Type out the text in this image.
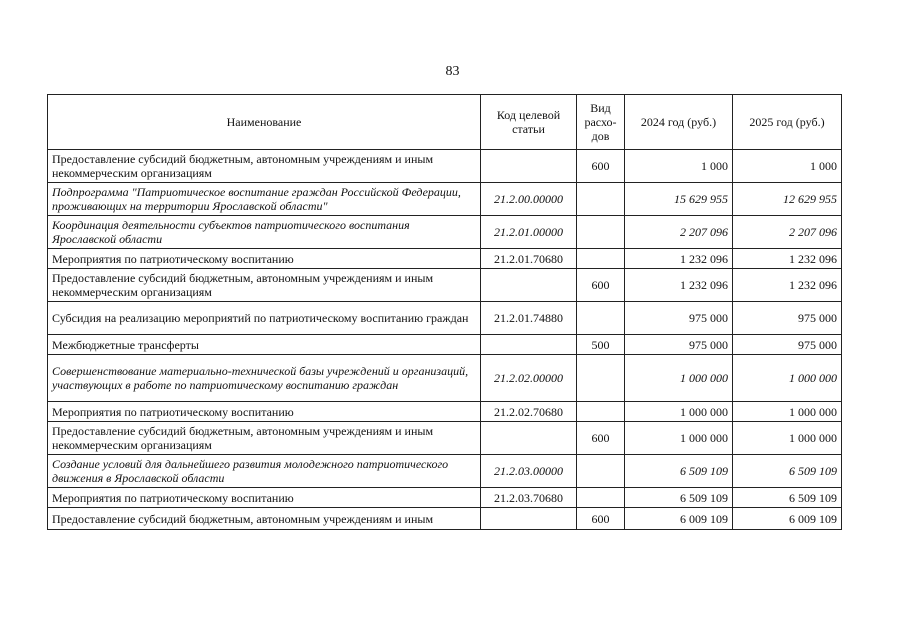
83
Наименование	Код целевой статьи	Вид расхо- дов	2024 год (руб.)	2025 год (руб.)
Предоставление субсидий бюджетным, автономным учреждениям и иным некоммерческим организациям		600	1 000	1 000
Подпрограмма "Патриотическое воспитание граждан Российской Федерации, проживающих на территории Ярославской области"	21.2.00.00000		15 629 955	12 629 955
Координация деятельности субъектов патриотического воспитания Ярославской области	21.2.01.00000		2 207 096	2 207 096
Мероприятия по патриотическому воспитанию	21.2.01.70680		1 232 096	1 232 096
Предоставление субсидий бюджетным, автономным учреждениям и иным некоммерческим организациям		600	1 232 096	1 232 096
Субсидия на реализацию мероприятий по патриотическому воспитанию граждан	21.2.01.74880		975 000	975 000
Межбюджетные трансферты		500	975 000	975 000
Совершенствование материально-технической базы учреждений и организаций, участвующих в работе по патриотическому воспитанию граждан	21.2.02.00000		1 000 000	1 000 000
Мероприятия по патриотическому воспитанию	21.2.02.70680		1 000 000	1 000 000
Предоставление субсидий бюджетным, автономным учреждениям и иным некоммерческим организациям		600	1 000 000	1 000 000
Создание условий для дальнейшего развития молодежного патриотического движения в Ярославской области	21.2.03.00000		6 509 109	6 509 109
Мероприятия по патриотическому воспитанию	21.2.03.70680		6 509 109	6 509 109
Предоставление субсидий бюджетным, автономным учреждениям и иным		600	6 009 109	6 009 109
